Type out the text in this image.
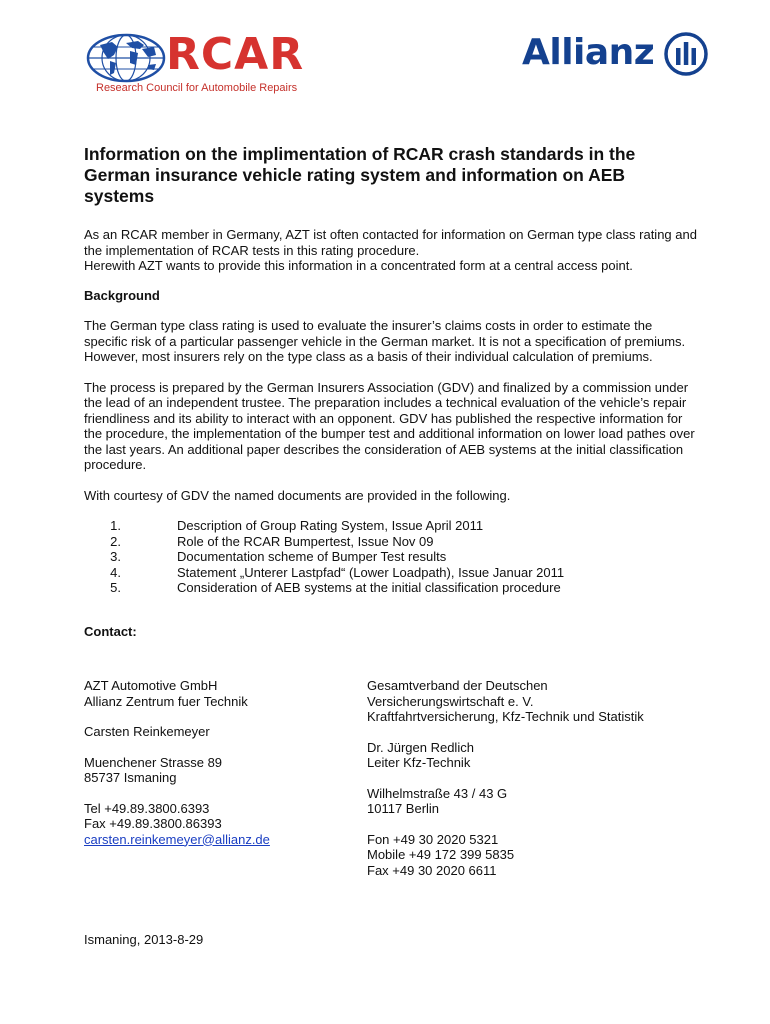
RCAR
Research Council for Automobile Repairs
Allianz
Information on the implimentation of RCAR crash standards in the German insurance vehicle rating system and information on AEB systems

As an RCAR member in Germany, AZT ist often contacted for information on German type class rating and the implementation of RCAR tests in this rating procedure.

Herewith AZT wants to provide this information in a concentrated form at a central access point.

Background

The German type class rating is used to evaluate the insurer’s claims costs in order to estimate the specific risk of a particular passenger vehicle in the German market. It is not a specification of premiums. However, most insurers rely on the type class as a basis of their individual calculation of premiums.

The process is prepared by the German Insurers Association (GDV) and finalized by a commission under the lead of an independent trustee. The preparation includes a technical evaluation of the vehicle’s repair friendliness and its ability to interact with an opponent. GDV has published the respective information for the procedure, the implementation of the bumper test and additional information on lower load pathes over the last years. An additional paper describes the consideration of AEB systems at the initial classification procedure.

With courtesy of GDV the named documents are provided in the following.

1.	Description of Group Rating System, Issue April 2011
2.	Role of the RCAR Bumpertest, Issue Nov 09
3.	Documentation scheme of Bumper Test results
4.	Statement „Unterer Lastpfad“ (Lower Loadpath), Issue Januar 2011
5.	Consideration of AEB systems at the initial classification procedure

Contact:

AZT Automotive GmbH

Allianz Zentrum fuer Technik

Carsten Reinkemeyer

Muenchener Strasse 89

85737 Ismaning

Tel +49.89.3800.6393

Fax +49.89.3800.86393

carsten.reinkemeyer@allianz.de

Gesamtverband der Deutschen

Versicherungswirtschaft e. V.

Kraftfahrtversicherung, Kfz-Technik und Statistik

Dr. Jürgen Redlich

Leiter Kfz-Technik

Wilhelmstraße 43 / 43 G

10117 Berlin

Fon +49 30 2020 5321

Mobile +49 172 399 5835

Fax +49 30 2020 6611

Ismaning, 2013-8-29
